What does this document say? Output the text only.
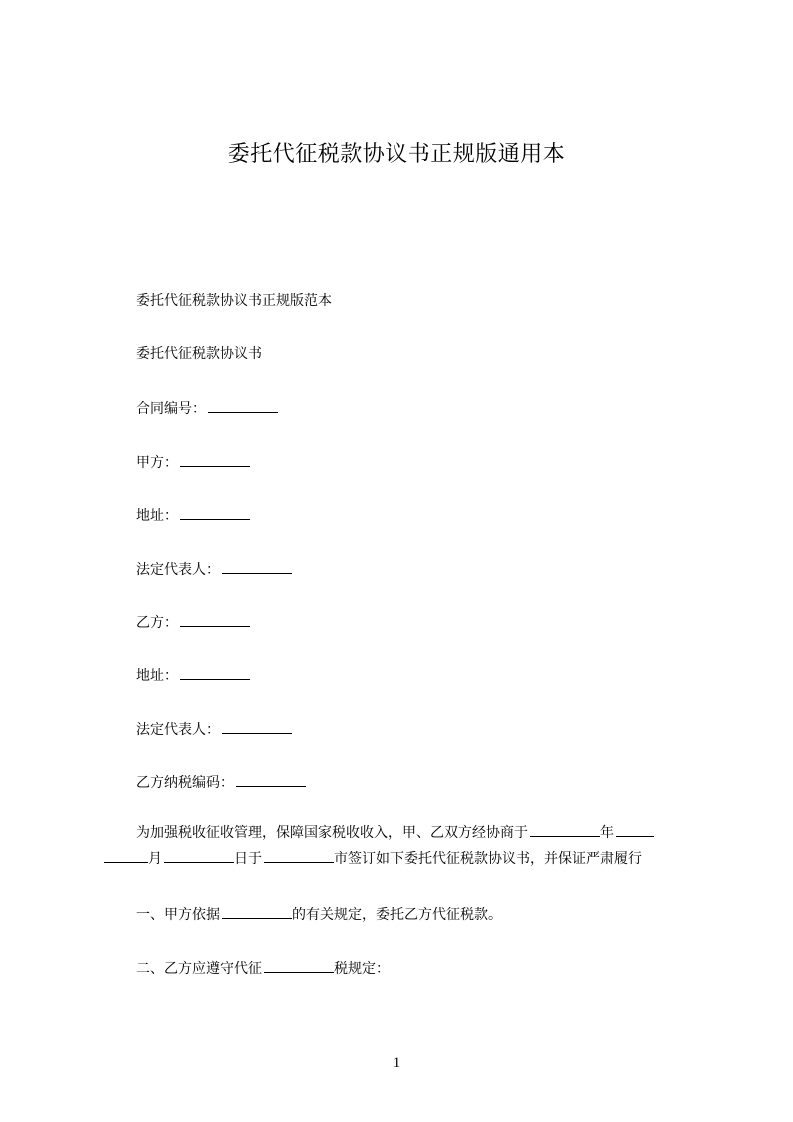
委托代征税款协议书正规版通用本
委托代征税款协议书正规版范本
委托代征税款协议书
合同编号：
甲方：
地址：
法定代表人：
乙方：
地址：
法定代表人：
乙方纳税编码：
为加强税收征收管理，保障国家税收收入，甲、乙双方经协商于	年
月	日于	市签订如下委托代征税款协议书，并保证严肃履行
一、甲方依据	的有关规定，委托乙方代征税款。
二、乙方应遵守代征	税规定：
1
